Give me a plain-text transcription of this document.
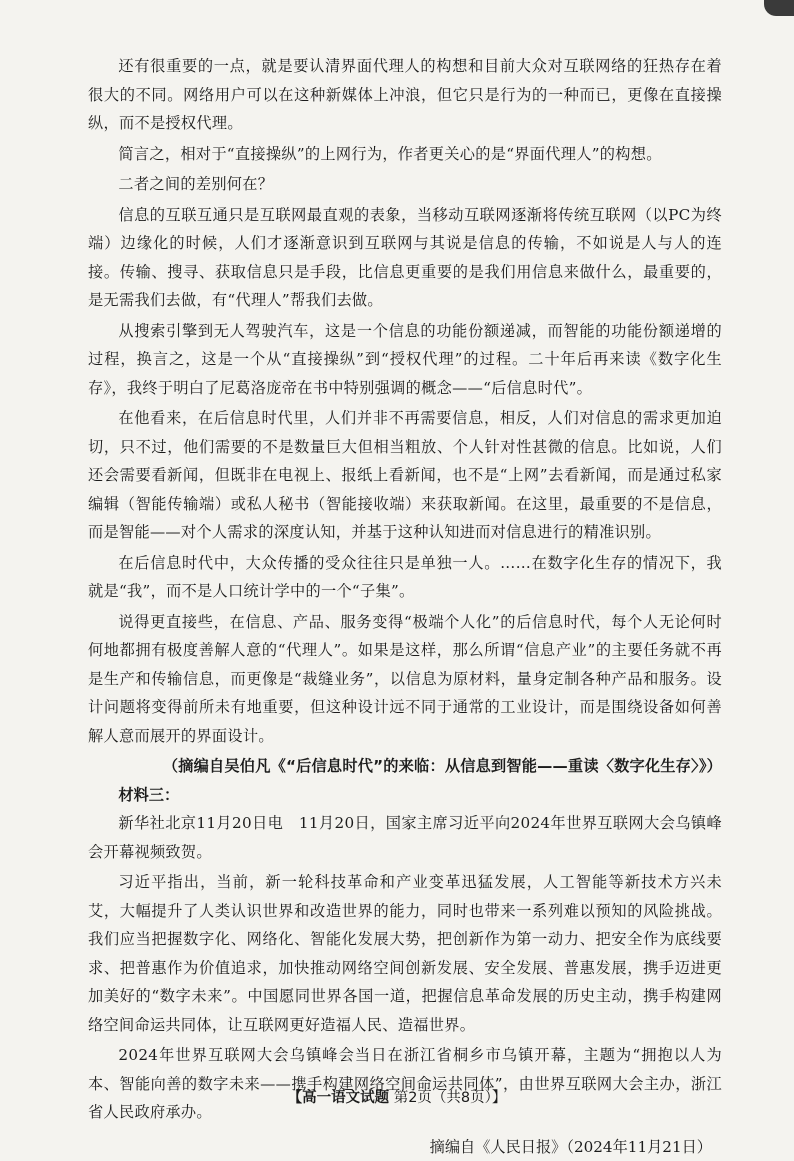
还有很重要的一点，就是要认清界面代理人的构想和目前大众对互联网络的狂热存在着很大的不同。网络用户可以在这种新媒体上冲浪，但它只是行为的一种而已，更像在直接操纵，而不是授权代理。

简言之，相对于“直接操纵”的上网行为，作者更关心的是“界面代理人”的构想。

二者之间的差别何在？

信息的互联互通只是互联网最直观的表象，当移动互联网逐渐将传统互联网（以PC为终端）边缘化的时候，人们才逐渐意识到互联网与其说是信息的传输，不如说是人与人的连接。传输、搜寻、获取信息只是手段，比信息更重要的是我们用信息来做什么，最重要的，是无需我们去做，有“代理人”帮我们去做。

从搜索引擎到无人驾驶汽车，这是一个信息的功能份额递减，而智能的功能份额递增的过程，换言之，这是一个从“直接操纵”到“授权代理”的过程。二十年后再来读《数字化生存》，我终于明白了尼葛洛庞帝在书中特别强调的概念——“后信息时代”。

在他看来，在后信息时代里，人们并非不再需要信息，相反，人们对信息的需求更加迫切，只不过，他们需要的不是数量巨大但相当粗放、个人针对性甚微的信息。比如说，人们还会需要看新闻，但既非在电视上、报纸上看新闻，也不是“上网”去看新闻，而是通过私家编辑（智能传输端）或私人秘书（智能接收端）来获取新闻。在这里，最重要的不是信息，而是智能——对个人需求的深度认知，并基于这种认知进而对信息进行的精准识别。

在后信息时代中，大众传播的受众往往只是单独一人。……在数字化生存的情况下，我就是“我”，而不是人口统计学中的一个“子集”。

说得更直接些，在信息、产品、服务变得“极端个人化”的后信息时代，每个人无论何时何地都拥有极度善解人意的“代理人”。如果是这样，那么所谓“信息产业”的主要任务就不再是生产和传输信息，而更像是“裁缝业务”，以信息为原材料，量身定制各种产品和服务。设计问题将变得前所未有地重要，但这种设计远不同于通常的工业设计，而是围绕设备如何善解人意而展开的界面设计。

（摘编自吴伯凡《“后信息时代”的来临：从信息到智能——重读〈数字化生存〉》）

材料三：

新华社北京11月20日电　11月20日，国家主席习近平向2024年世界互联网大会乌镇峰会开幕视频致贺。

习近平指出，当前，新一轮科技革命和产业变革迅猛发展，人工智能等新技术方兴未艾，大幅提升了人类认识世界和改造世界的能力，同时也带来一系列难以预知的风险挑战。我们应当把握数字化、网络化、智能化发展大势，把创新作为第一动力、把安全作为底线要求、把普惠作为价值追求，加快推动网络空间创新发展、安全发展、普惠发展，携手迈进更加美好的“数字未来”。中国愿同世界各国一道，把握信息革命发展的历史主动，携手构建网络空间命运共同体，让互联网更好造福人民、造福世界。

2024年世界互联网大会乌镇峰会当日在浙江省桐乡市乌镇开幕，主题为“拥抱以人为本、智能向善的数字未来——携手构建网络空间命运共同体”，由世界互联网大会主办，浙江省人民政府承办。

摘编自《人民日报》（2024年11月21日）

【高一语文试题 第2页（共8页）】
